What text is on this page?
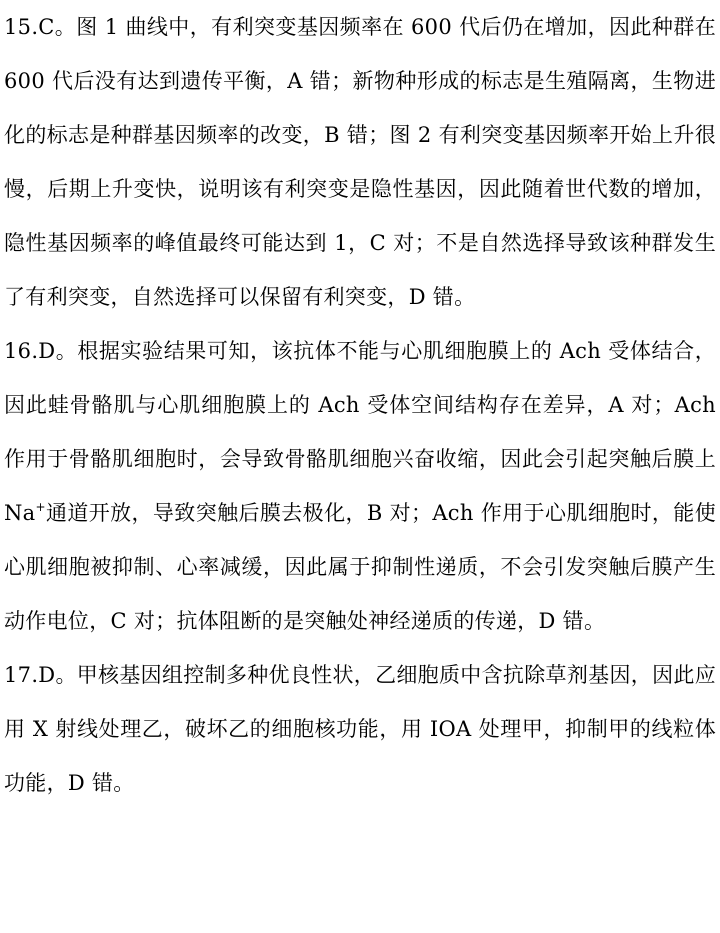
15.C。图 1 曲线中，有利突变基因频率在 600 代后仍在增加，因此种群在 600 代后没有达到遗传平衡，A 错；新物种形成的标志是生殖隔离，生物进化的标志是种群基因频率的改变，B 错；图 2 有利突变基因频率开始上升很慢，后期上升变快，说明该有利突变是隐性基因，因此随着世代数的增加，隐性基因频率的峰值最终可能达到 1，C 对；不是自然选择导致该种群发生了有利突变，自然选择可以保留有利突变，D 错。

16.D。根据实验结果可知，该抗体不能与心肌细胞膜上的 Ach 受体结合，因此蛙骨骼肌与心肌细胞膜上的 Ach 受体空间结构存在差异，A 对；Ach 作用于骨骼肌细胞时，会导致骨骼肌细胞兴奋收缩，因此会引起突触后膜上 Na+通道开放，导致突触后膜去极化，B 对；Ach 作用于心肌细胞时，能使心肌细胞被抑制、心率减缓，因此属于抑制性递质，不会引发突触后膜产生动作电位，C 对；抗体阻断的是突触处神经递质的传递，D 错。

17.D。甲核基因组控制多种优良性状，乙细胞质中含抗除草剂基因，因此应用 X 射线处理乙，破坏乙的细胞核功能，用 IOA 处理甲，抑制甲的线粒体功能，D 错。
